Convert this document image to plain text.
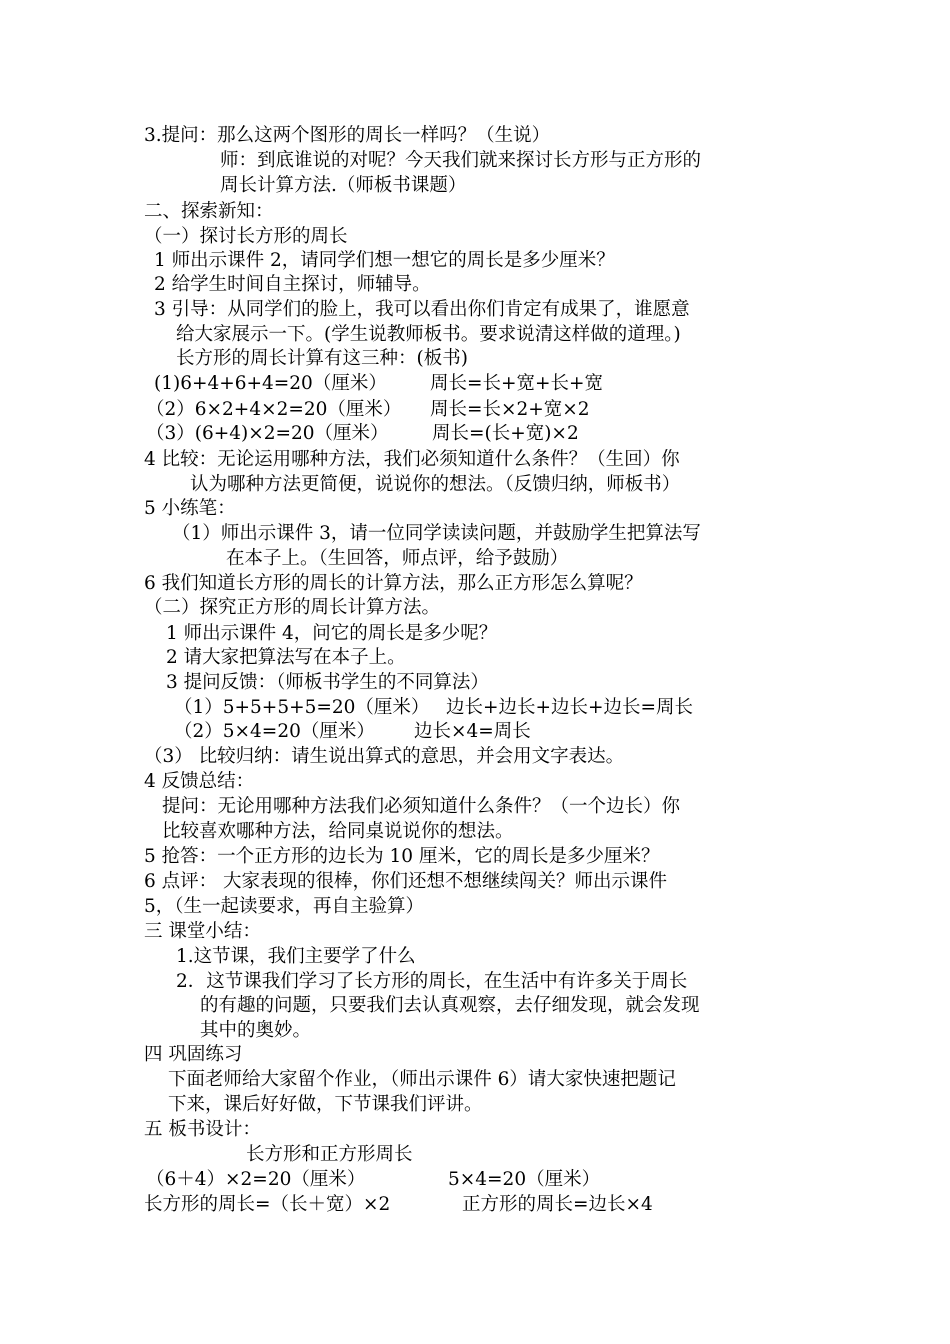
3.提问：那么这两个图形的周长一样吗？（生说）
师：到底谁说的对呢？今天我们就来探讨长方形与正方形的
周长计算方法.（师板书课题）
二、探索新知：
（一）探讨长方形的周长
1 师出示课件 2，请同学们想一想它的周长是多少厘米？
2 给学生时间自主探讨，师辅导。
3 引导：从同学们的脸上，我可以看出你们肯定有成果了，谁愿意
给大家展示一下。(学生说教师板书。要求说清这样做的道理。)
长方形的周长计算有这三种：(板书)
(1)6+4+6+4=20（厘米） 周长=长+宽+长+宽
（2）6×2+4×2=20（厘米） 周长=长×2+宽×2
（3）(6+4)×2=20（厘米） 周长=(长+宽)×2
4 比较：无论运用哪种方法，我们必须知道什么条件？（生回）你
认为哪种方法更简便，说说你的想法。（反馈归纳，师板书）
5 小练笔：
（1）师出示课件 3，请一位同学读读问题，并鼓励学生把算法写
在本子上。（生回答，师点评，给予鼓励）
6 我们知道长方形的周长的计算方法，那么正方形怎么算呢？
（二）探究正方形的周长计算方法。
1 师出示课件 4，问它的周长是多少呢？
2 请大家把算法写在本子上。
3 提问反馈：（师板书学生的不同算法）
（1）5+5+5+5=20（厘米） 边长+边长+边长+边长=周长
（2）5×4=20（厘米） 边长×4=周长
（3） 比较归纳：请生说出算式的意思，并会用文字表达。
4 反馈总结：
提问：无论用哪种方法我们必须知道什么条件？（一个边长）你
比较喜欢哪种方法，给同桌说说你的想法。
5 抢答：一个正方形的边长为 10 厘米，它的周长是多少厘米？
6 点评： 大家表现的很棒，你们还想不想继续闯关？师出示课件
5，（生一起读要求，再自主验算）
三 课堂小结：
1.这节课，我们主要学了什么
2．这节课我们学习了长方形的周长，在生活中有许多关于周长
的有趣的问题，只要我们去认真观察，去仔细发现，就会发现
其中的奥妙。
四 巩固练习
下面老师给大家留个作业，（师出示课件 6）请大家快速把题记
下来，课后好好做，下节课我们评讲。
五 板书设计：
长方形和正方形周长
（6＋4）×2=20（厘米）	5×4=20（厘米）
长方形的周长=（长＋宽）×2	正方形的周长=边长×4
